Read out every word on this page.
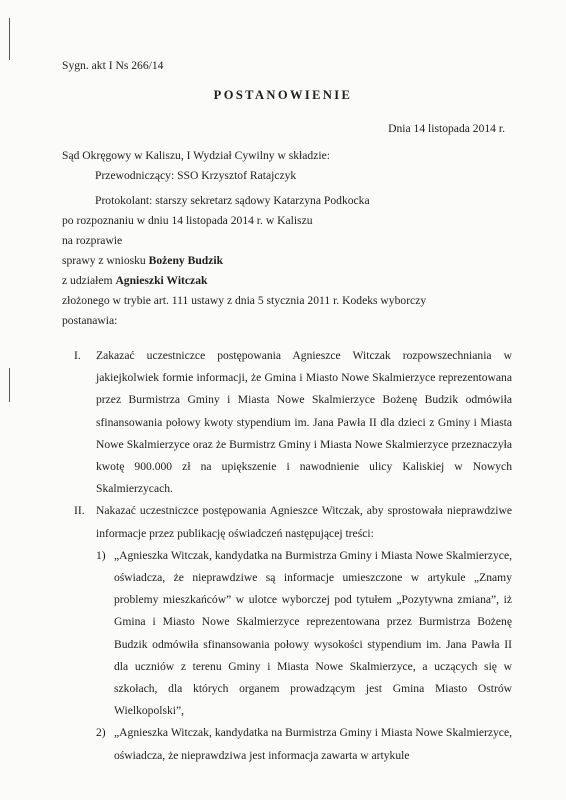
Sygn. akt I Ns 266/14
POSTANOWIENIE
Dnia 14 listopada 2014 r.

Sąd Okręgowy w Kaliszu, I Wydział Cywilny w składzie:

Przewodniczący: SSO Krzysztof Ratajczyk

Protokolant: starszy sekretarz sądowy Katarzyna Podkocka

po rozpoznaniu w dniu 14 listopada 2014 r. w Kaliszu

na rozprawie

sprawy z wniosku Bożeny Budzik

z udziałem Agnieszki Witczak

złożonego w trybie art. 111 ustawy z dnia 5 stycznia 2011 r. Kodeks wyborczy

postanawia:

I. Zakazać uczestniczce postępowania Agnieszce Witczak rozpowszechniania w jakiejkolwiek formie informacji, że Gmina i Miasto Nowe Skalmierzyce reprezentowana przez Burmistrza Gminy i Miasta Nowe Skalmierzyce Bożenę Budzik odmówiła sfinansowania połowy kwoty stypendium im. Jana Pawła II dla dzieci z Gminy i Miasta Nowe Skalmierzyce oraz że Burmistrz Gminy i Miasta Nowe Skalmierzyce przeznaczyła kwotę 900.000 zł na upiększenie i nawodnienie ulicy Kaliskiej w Nowych Skalmierzycach.

II. Nakazać uczestniczce postępowania Agnieszce Witczak, aby sprostowała nieprawdziwe informacje przez publikację oświadczeń następującej treści:

1) „Agnieszka Witczak, kandydatka na Burmistrza Gminy i Miasta Nowe Skalmierzyce, oświadcza, że nieprawdziwe są informacje umieszczone w artykule „Znamy problemy mieszkańców” w ulotce wyborczej pod tytułem „Pozytywna zmiana”, iż Gmina i Miasto Nowe Skalmierzyce reprezentowana przez Burmistrza Bożenę Budzik odmówiła sfinansowania połowy wysokości stypendium im. Jana Pawła II dla uczniów z terenu Gminy i Miasta Nowe Skalmierzyce, a uczących się w szkołach, dla których organem prowadzącym jest Gmina Miasto Ostrów Wielkopolski”,

2) „Agnieszka Witczak, kandydatka na Burmistrza Gminy i Miasta Nowe Skalmierzyce, oświadcza, że nieprawdziwa jest informacja zawarta w artykule
